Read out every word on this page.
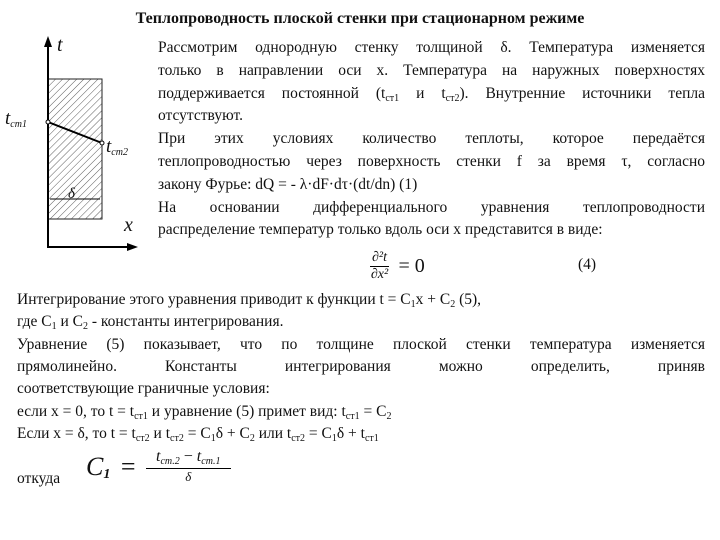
Теплопроводность плоской стенки при стационарном режиме
t
x
$t_{ст1}$
$t_{ст2}$
δ
Рассмотрим однородную стенку толщиной δ. Температура изменяется
только в направлении оси x. Температура на наружных поверхностях
поддерживается постоянной ($t_{ст1}$ и $t_{ст2}$). Внутренние источники тепла
отсутствуют.
При этих условиях количество теплоты, которое передаётся
теплопроводностью через поверхность стенки f за время τ, согласно
закону Фурье: dQ = - λ·dF·dτ·(dt/dn) (1)
На основании дифференциального уравнения теплопроводности
распределение температур только вдоль оси x представится в виде:
$\frac{\text{∂²t}}{\text{∂x²}} = 0$	(4)
Интегрирование этого уравнения приводит к функции $t = C_1x + C_2$ (5),
где $C_1$ и $C_2$ - константы интегрирования.
Уравнение (5) показывает, что по толщине плоской стенки температура изменяется
прямолинейно. Константы интегрирования можно определить, приняв
соответствующие граничные условия:
если x = 0, то $t = t_{ст1}$ и уравнение (5) примет вид: $t_{ст1} = C_2$
Если x = δ, то $t = t_{ст2}$ и $t_{ст2} = C_1\delta + C_2$ или $t_{ст2} = C_1\delta + t_{ст1}$
откуда $C_1$ =	$t_{ст.2} - t_{ст.1}$
δ
